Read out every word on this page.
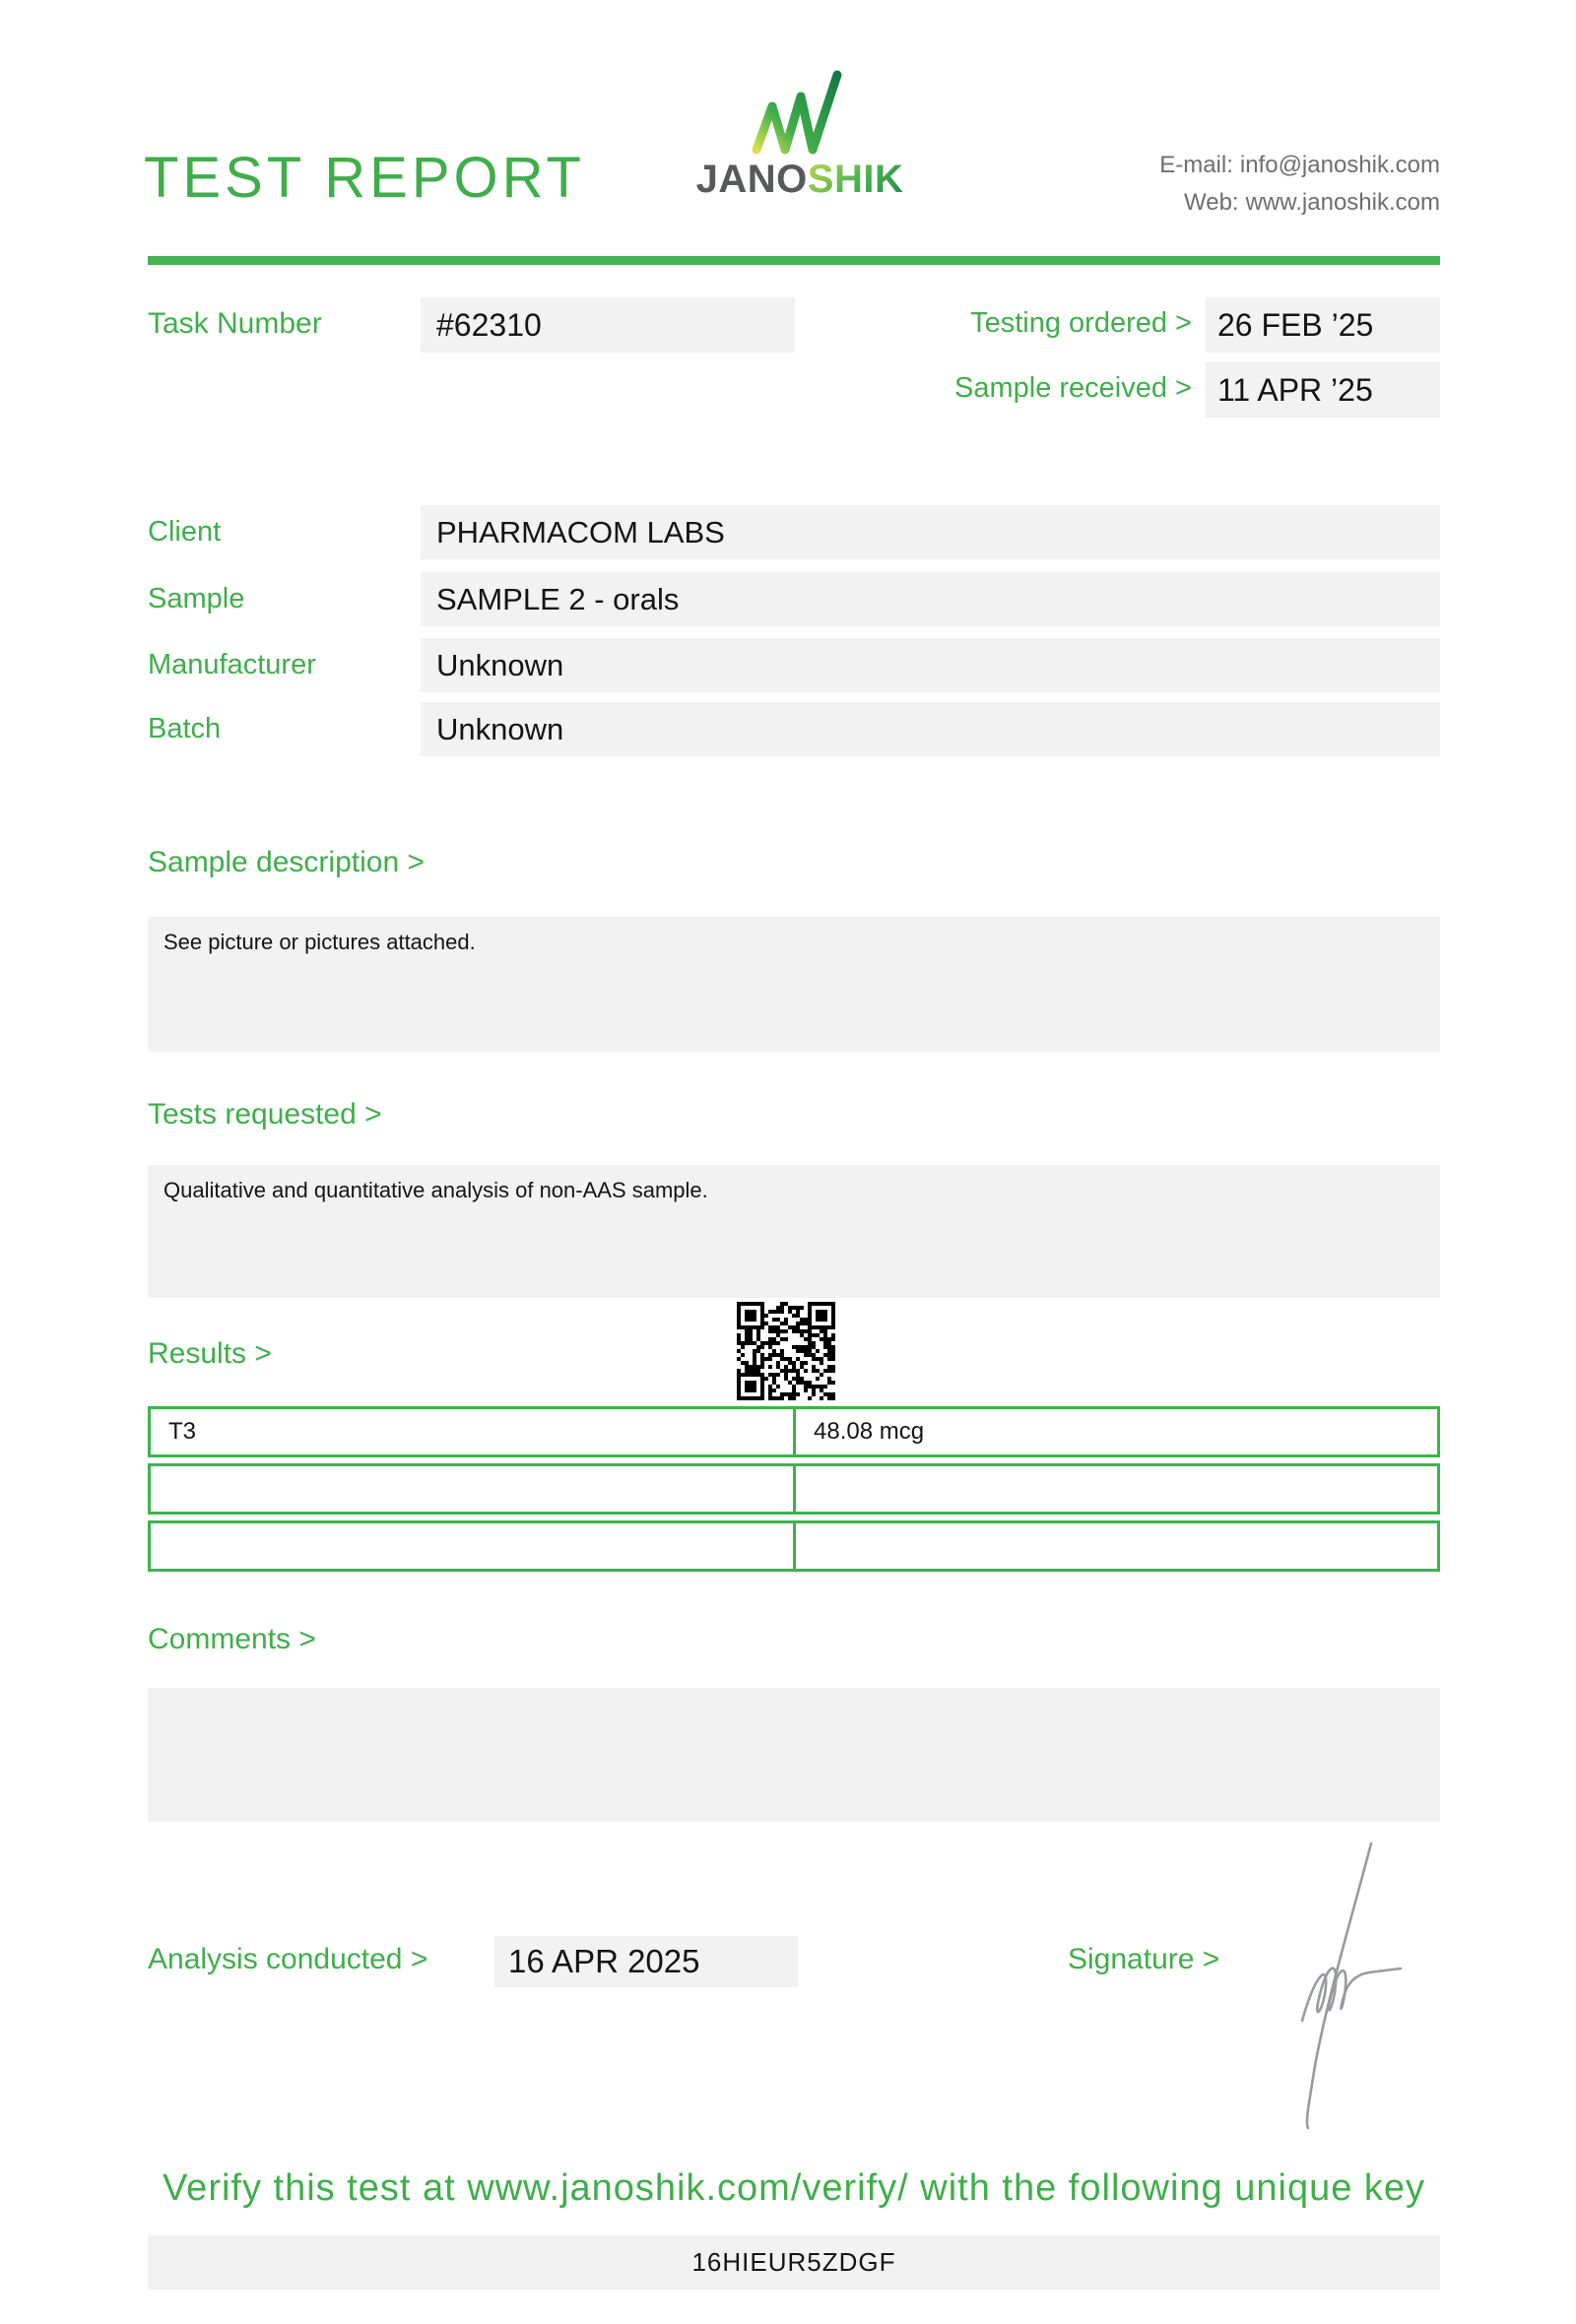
TEST REPORT	JANOSHIK	E-mail: info@janoshik.com
Web: www.janoshik.com
Task Number	#62310	Testing ordered > 26 FEB ’25
Sample received > 11 APR ’25
Client	PHARMACOM LABS
Sample	SAMPLE 2 - orals
Manufacturer	Unknown
Batch	Unknown
Sample description >
See picture or pictures attached.
Tests requested >
Qualitative and quantitative analysis of non-AAS sample.
Results >
T3	48.08 mcg
Comments >
Analysis conducted >	16 APR 2025	Signature >
Verify this test at www.janoshik.com/verify/ with the following unique key
16HIEUR5ZDGF
